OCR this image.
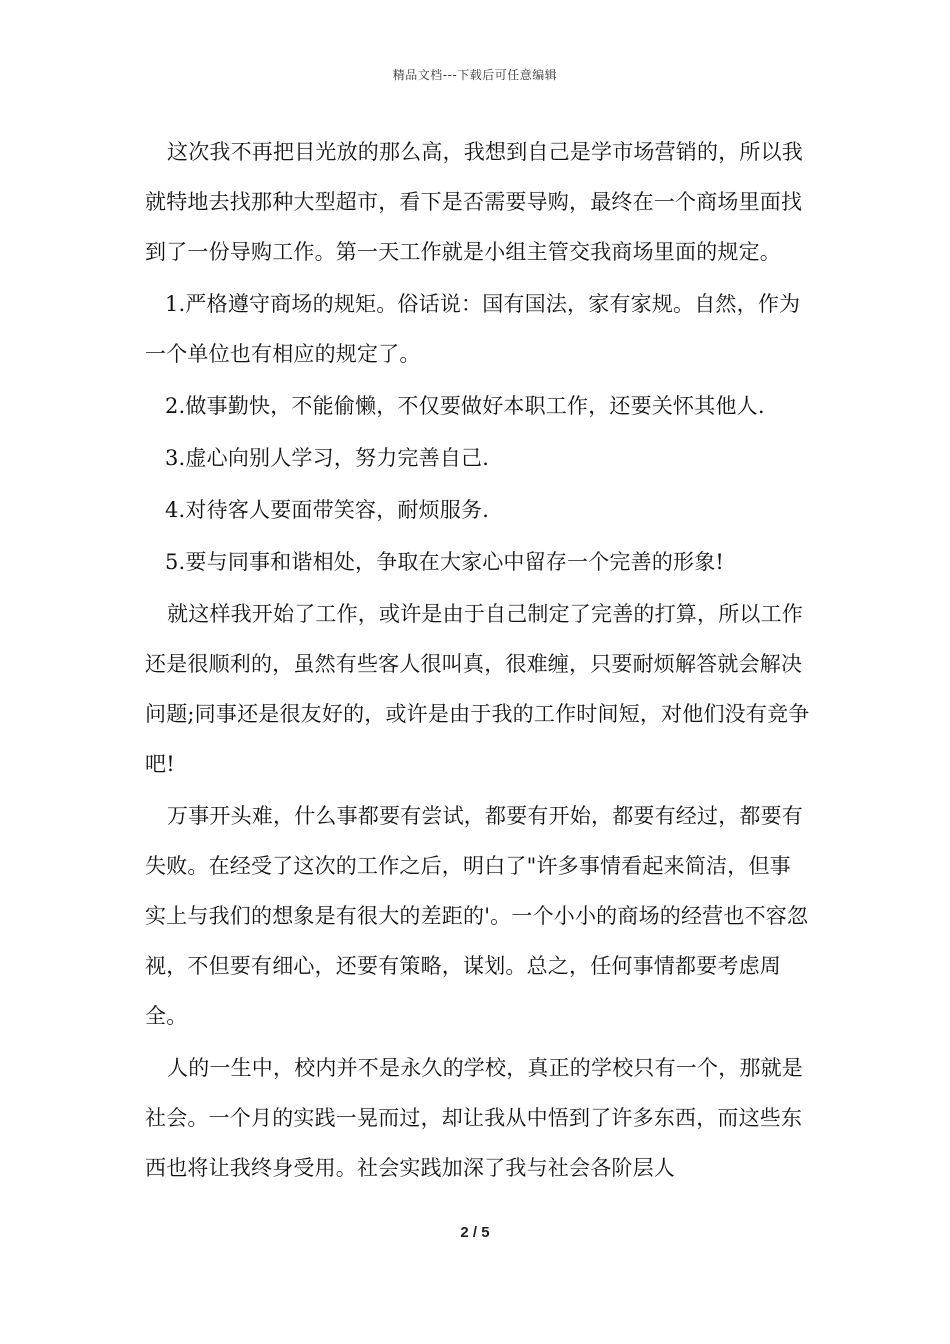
精品文档---下载后可任意编辑

这次我不再把目光放的那么高，我想到自己是学市场营销的，所以我就特地去找那种大型超市，看下是否需要导购，最终在一个商场里面找到了一份导购工作。第一天工作就是小组主管交我商场里面的规定。

1.严格遵守商场的规矩。俗话说：国有国法，家有家规。自然，作为一个单位也有相应的规定了。

2.做事勤快，不能偷懒，不仅要做好本职工作，还要关怀其他人.

3.虚心向别人学习，努力完善自己.

4.对待客人要面带笑容，耐烦服务.

5.要与同事和谐相处，争取在大家心中留存一个完善的形象!

就这样我开始了工作，或许是由于自己制定了完善的打算，所以工作还是很顺利的，虽然有些客人很叫真，很难缠，只要耐烦解答就会解决问题;同事还是很友好的，或许是由于我的工作时间短，对他们没有竞争吧!

万事开头难，什么事都要有尝试，都要有开始，都要有经过，都要有失败。在经受了这次的工作之后，明白了"许多事情看起来简洁，但事实上与我们的想象是有很大的差距的'。一个小小的商场的经营也不容忽视，不但要有细心，还要有策略，谋划。总之，任何事情都要考虑周全。

人的一生中，校内并不是永久的学校，真正的学校只有一个，那就是社会。一个月的实践一晃而过，却让我从中悟到了许多东西，而这些东西也将让我终身受用。社会实践加深了我与社会各阶层人

2 / 5
